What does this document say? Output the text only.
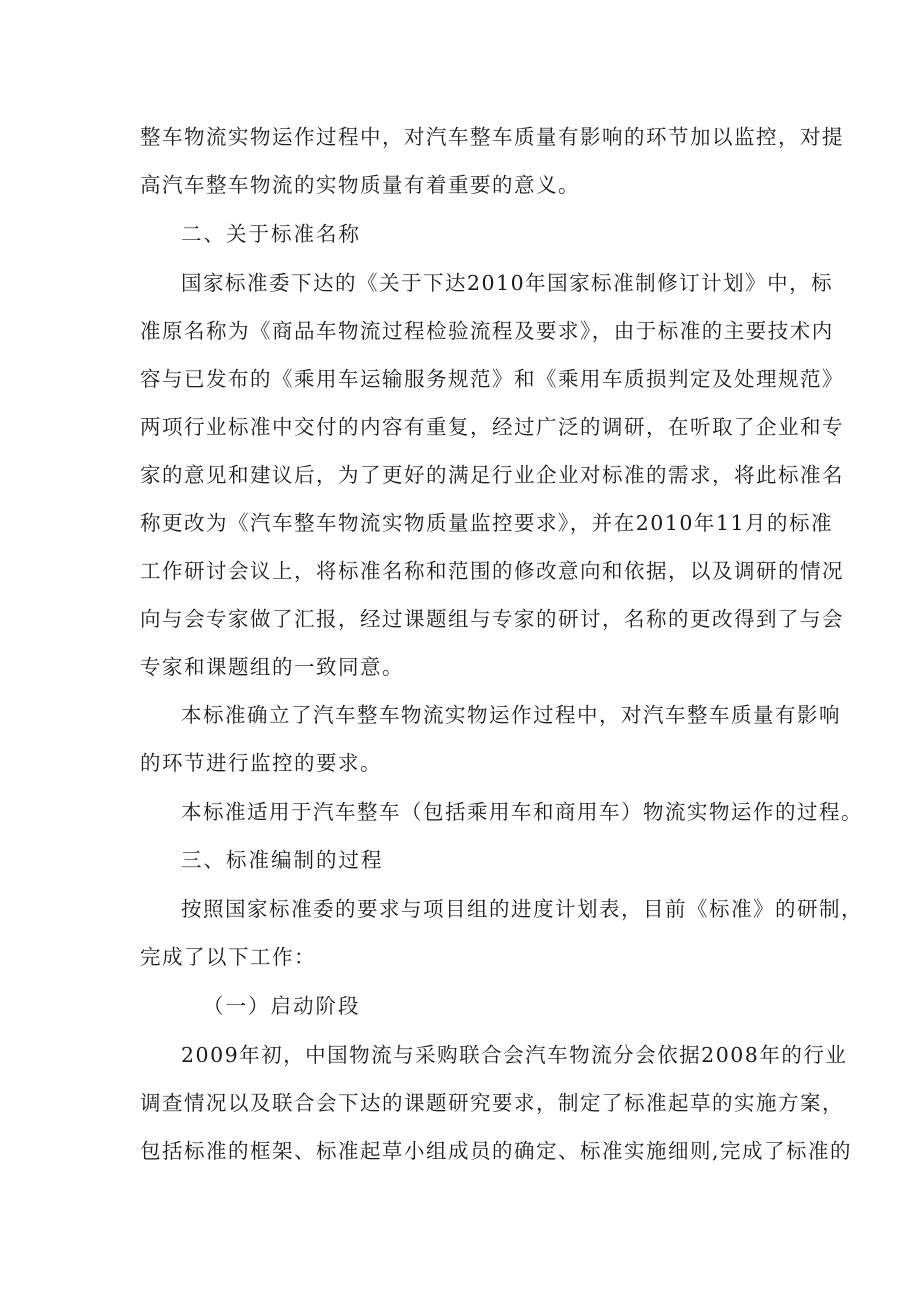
整车物流实物运作过程中，对汽车整车质量有影响的环节加以监控，对提
高汽车整车物流的实物质量有着重要的意义。
二、关于标准名称
国家标准委下达的《关于下达2010年国家标准制修订计划》中，标
准原名称为《商品车物流过程检验流程及要求》，由于标准的主要技术内
容与已发布的《乘用车运输服务规范》和《乘用车质损判定及处理规范》
两项行业标准中交付的内容有重复，经过广泛的调研，在听取了企业和专
家的意见和建议后，为了更好的满足行业企业对标准的需求，将此标准名
称更改为《汽车整车物流实物质量监控要求》，并在2010年11月的标准
工作研讨会议上，将标准名称和范围的修改意向和依据，以及调研的情况
向与会专家做了汇报，经过课题组与专家的研讨，名称的更改得到了与会
专家和课题组的一致同意。
本标准确立了汽车整车物流实物运作过程中，对汽车整车质量有影响
的环节进行监控的要求。
本标准适用于汽车整车（包括乘用车和商用车）物流实物运作的过程。
三、标准编制的过程
按照国家标准委的要求与项目组的进度计划表，目前《标准》的研制，
完成了以下工作：
（一）启动阶段
2009年初，中国物流与采购联合会汽车物流分会依据2008年的行业
调查情况以及联合会下达的课题研究要求，制定了标准起草的实施方案，
包括标准的框架、标准起草小组成员的确定、标准实施细则,完成了标准的
